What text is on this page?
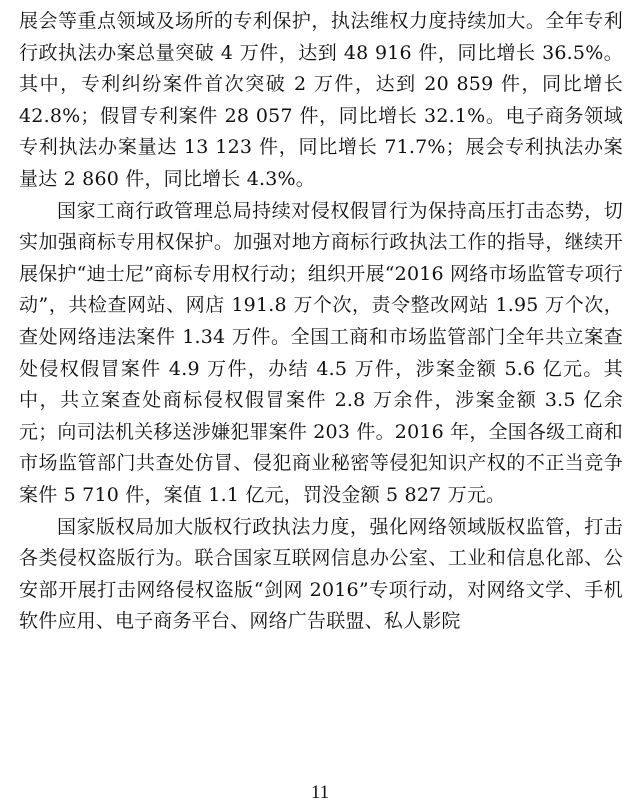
展会等重点领域及场所的专利保护，执法维权力度持续加大。全年专利行政执法办案总量突破 4 万件，达到 48 916 件，同比增长 36.5%。其中，专利纠纷案件首次突破 2 万件，达到 20 859 件，同比增长 42.8%；假冒专利案件 28 057 件，同比增长 32.1%。电子商务领域专利执法办案量达 13 123 件，同比增长 71.7%；展会专利执法办案量达 2 860 件，同比增长 4.3%。

国家工商行政管理总局持续对侵权假冒行为保持高压打击态势，切实加强商标专用权保护。加强对地方商标行政执法工作的指导，继续开展保护“迪士尼”商标专用权行动；组织开展“2016 网络市场监管专项行动”，共检查网站、网店 191.8 万个次，责令整改网站 1.95 万个次，查处网络违法案件 1.34 万件。全国工商和市场监管部门全年共立案查处侵权假冒案件 4.9 万件，办结 4.5 万件，涉案金额 5.6 亿元。其中，共立案查处商标侵权假冒案件 2.8 万余件，涉案金额 3.5 亿余元；向司法机关移送涉嫌犯罪案件 203 件。2016 年，全国各级工商和市场监管部门共查处仿冒、侵犯商业秘密等侵犯知识产权的不正当竞争案件 5 710 件，案值 1.1 亿元，罚没金额 5 827 万元。

国家版权局加大版权行政执法力度，强化网络领域版权监管，打击各类侵权盗版行为。联合国家互联网信息办公室、工业和信息化部、公安部开展打击网络侵权盗版“剑网 2016”专项行动，对网络文学、手机软件应用、电子商务平台、网络广告联盟、私人影院

11
